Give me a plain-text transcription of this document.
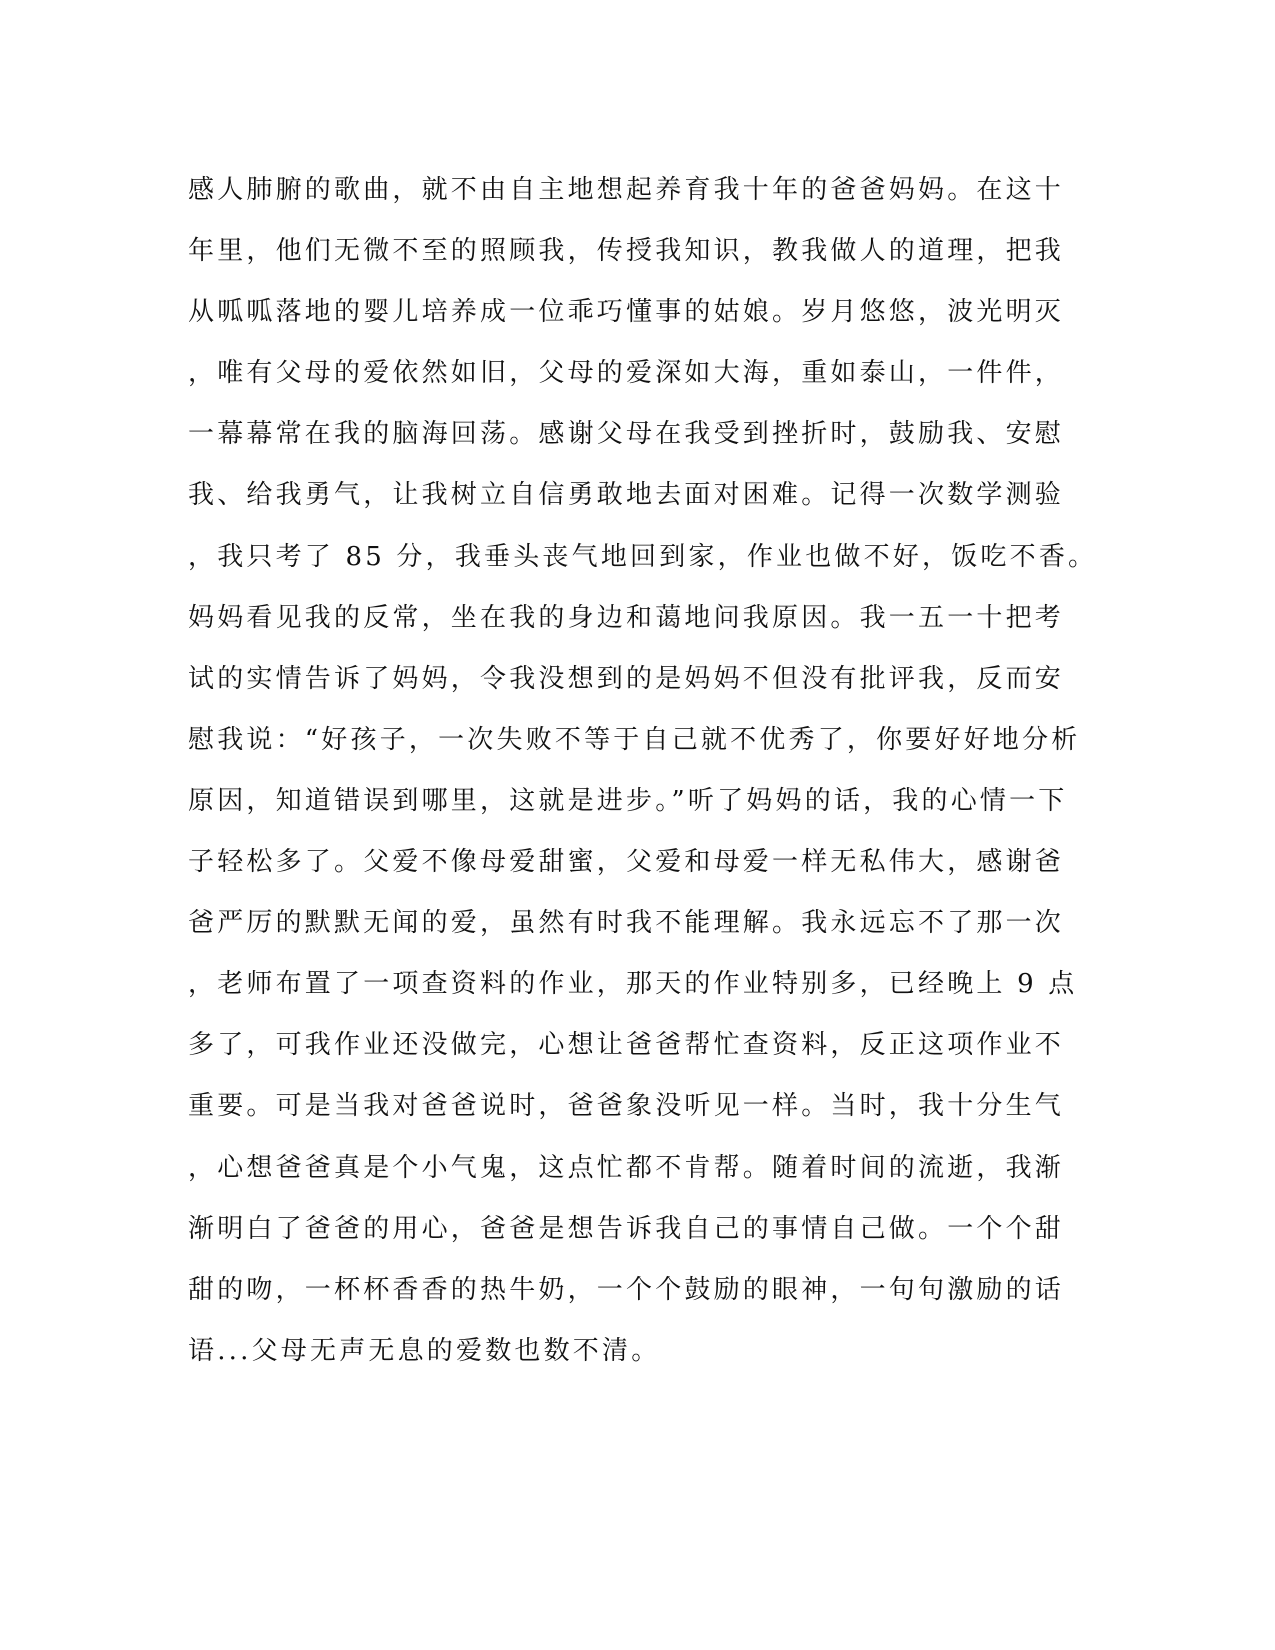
感人肺腑的歌曲，就不由自主地想起养育我十年的爸爸妈妈。在这十
年里，他们无微不至的照顾我，传授我知识，教我做人的道理，把我
从呱呱落地的婴儿培养成一位乖巧懂事的姑娘。岁月悠悠，波光明灭
，唯有父母的爱依然如旧，父母的爱深如大海，重如泰山，一件件，
一幕幕常在我的脑海回荡。感谢父母在我受到挫折时，鼓励我、安慰
我、给我勇气，让我树立自信勇敢地去面对困难。记得一次数学测验
，我只考了 85 分，我垂头丧气地回到家，作业也做不好，饭吃不香。
妈妈看见我的反常，坐在我的身边和蔼地问我原因。我一五一十把考
试的实情告诉了妈妈，令我没想到的是妈妈不但没有批评我，反而安
慰我说：“好孩子，一次失败不等于自己就不优秀了，你要好好地分析
原因，知道错误到哪里，这就是进步。”听了妈妈的话，我的心情一下
子轻松多了。父爱不像母爱甜蜜，父爱和母爱一样无私伟大，感谢爸
爸严厉的默默无闻的爱，虽然有时我不能理解。我永远忘不了那一次
，老师布置了一项查资料的作业，那天的作业特别多，已经晚上 9 点
多了，可我作业还没做完，心想让爸爸帮忙查资料，反正这项作业不
重要。可是当我对爸爸说时，爸爸象没听见一样。当时，我十分生气
，心想爸爸真是个小气鬼，这点忙都不肯帮。随着时间的流逝，我渐
渐明白了爸爸的用心，爸爸是想告诉我自己的事情自己做。一个个甜
甜的吻，一杯杯香香的热牛奶，一个个鼓励的眼神，一句句激励的话
语...父母无声无息的爱数也数不清。
